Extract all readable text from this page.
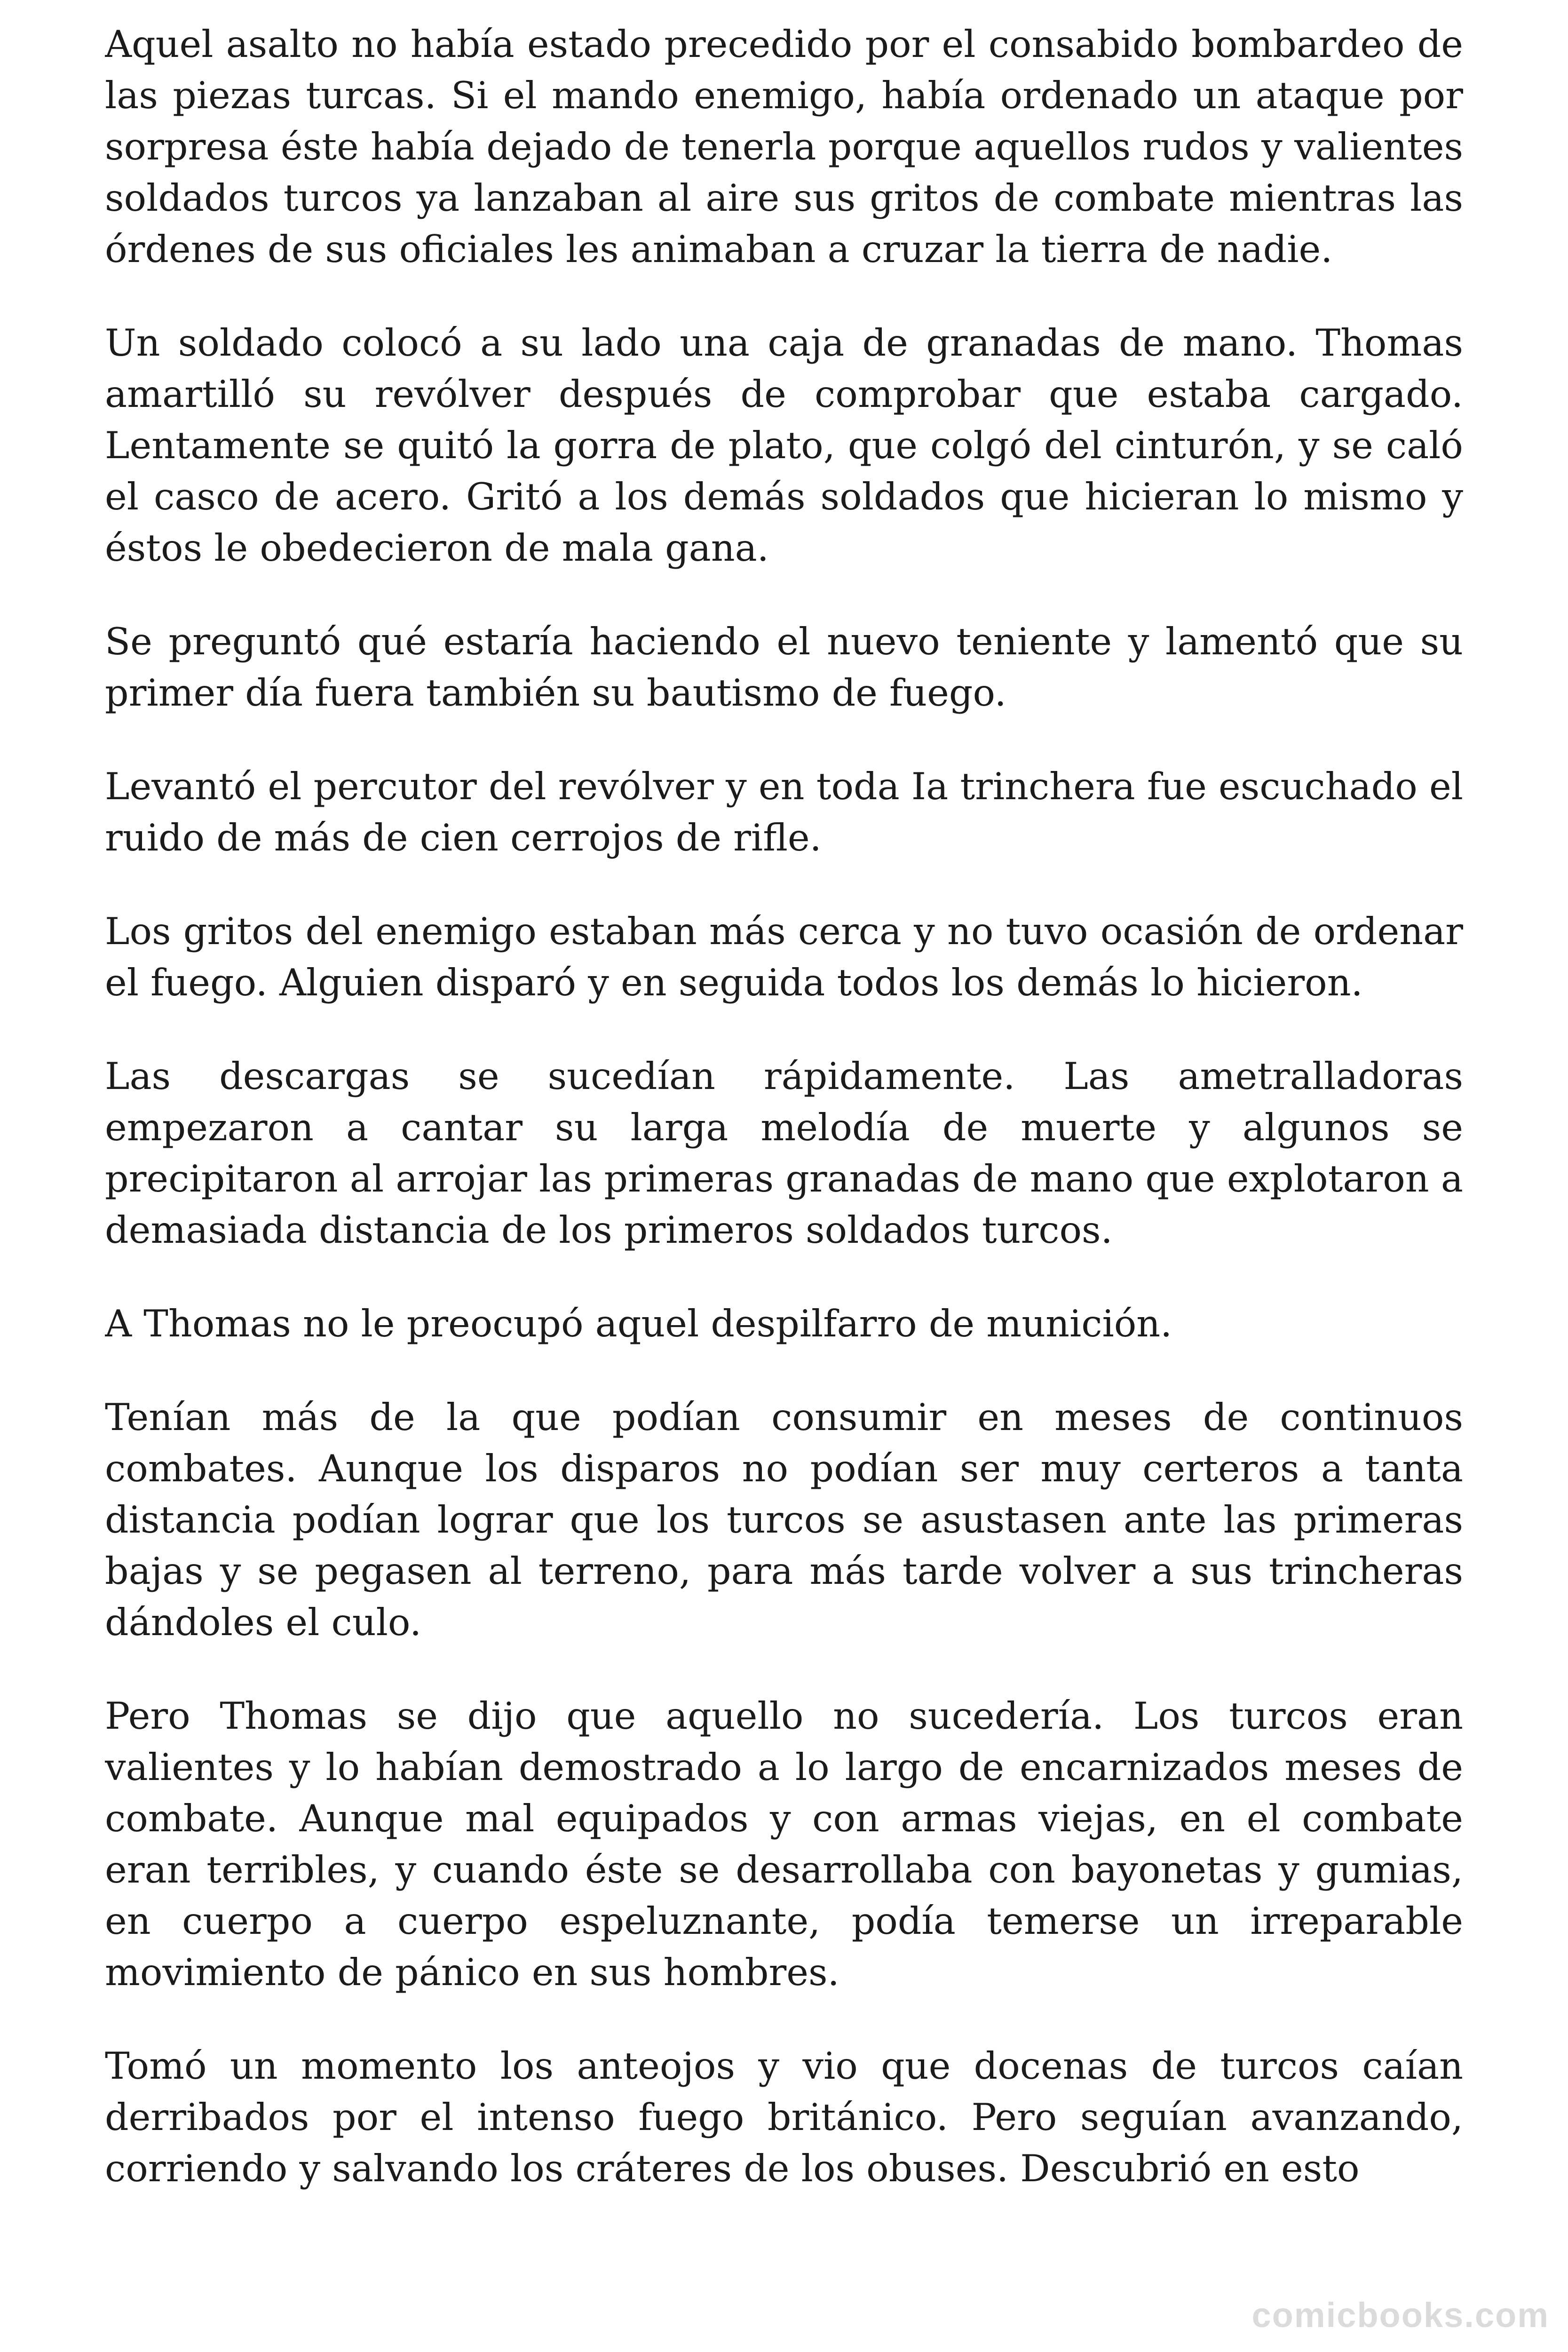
Aquel asalto no había estado precedido por el consabido bombardeo de las piezas turcas. Si el mando enemigo, había ordenado un ataque por sorpresa éste había dejado de tenerla porque aquellos rudos y valientes soldados turcos ya lanzaban al aire sus gritos de combate mientras las órdenes de sus oficiales les animaban a cruzar la tierra de nadie.

Un soldado colocó a su lado una caja de granadas de mano. Thomas amartilló su revólver después de comprobar que estaba cargado. Lentamente se quitó la gorra de plato, que colgó del cinturón, y se caló el casco de acero. Gritó a los demás soldados que hicieran lo mismo y éstos le obedecieron de mala gana.

Se preguntó qué estaría haciendo el nuevo teniente y lamentó que su primer día fuera también su bautismo de fuego.

Levantó el percutor del revólver y en toda Ia trinchera fue escuchado el ruido de más de cien cerrojos de rifle.

Los gritos del enemigo estaban más cerca y no tuvo ocasión de ordenar el fuego. Alguien disparó y en seguida todos los demás lo hicieron.

Las descargas se sucedían rápidamente. Las ametralladoras empezaron a cantar su larga melodía de muerte y algunos se precipitaron al arrojar las primeras granadas de mano que explotaron a demasiada distancia de los primeros soldados turcos.

A Thomas no le preocupó aquel despilfarro de munición.

Tenían más de la que podían consumir en meses de continuos combates. Aunque los disparos no podían ser muy certeros a tanta distancia podían lograr que los turcos se asustasen ante las primeras bajas y se pegasen al terreno, para más tarde volver a sus trincheras dándoles el culo.

Pero Thomas se dijo que aquello no sucedería. Los turcos eran valientes y lo habían demostrado a lo largo de encarnizados meses de combate. Aunque mal equipados y con armas viejas, en el combate eran terribles, y cuando éste se desarrollaba con bayonetas y gumias, en cuerpo a cuerpo espeluznante, podía temerse un irreparable movimiento de pánico en sus hombres.

Tomó un momento los anteojos y vio que docenas de turcos caían derribados por el intenso fuego británico. Pero seguían avanzando, corriendo y salvando los cráteres de los obuses. Descubrió en esto

comicbooks.com
